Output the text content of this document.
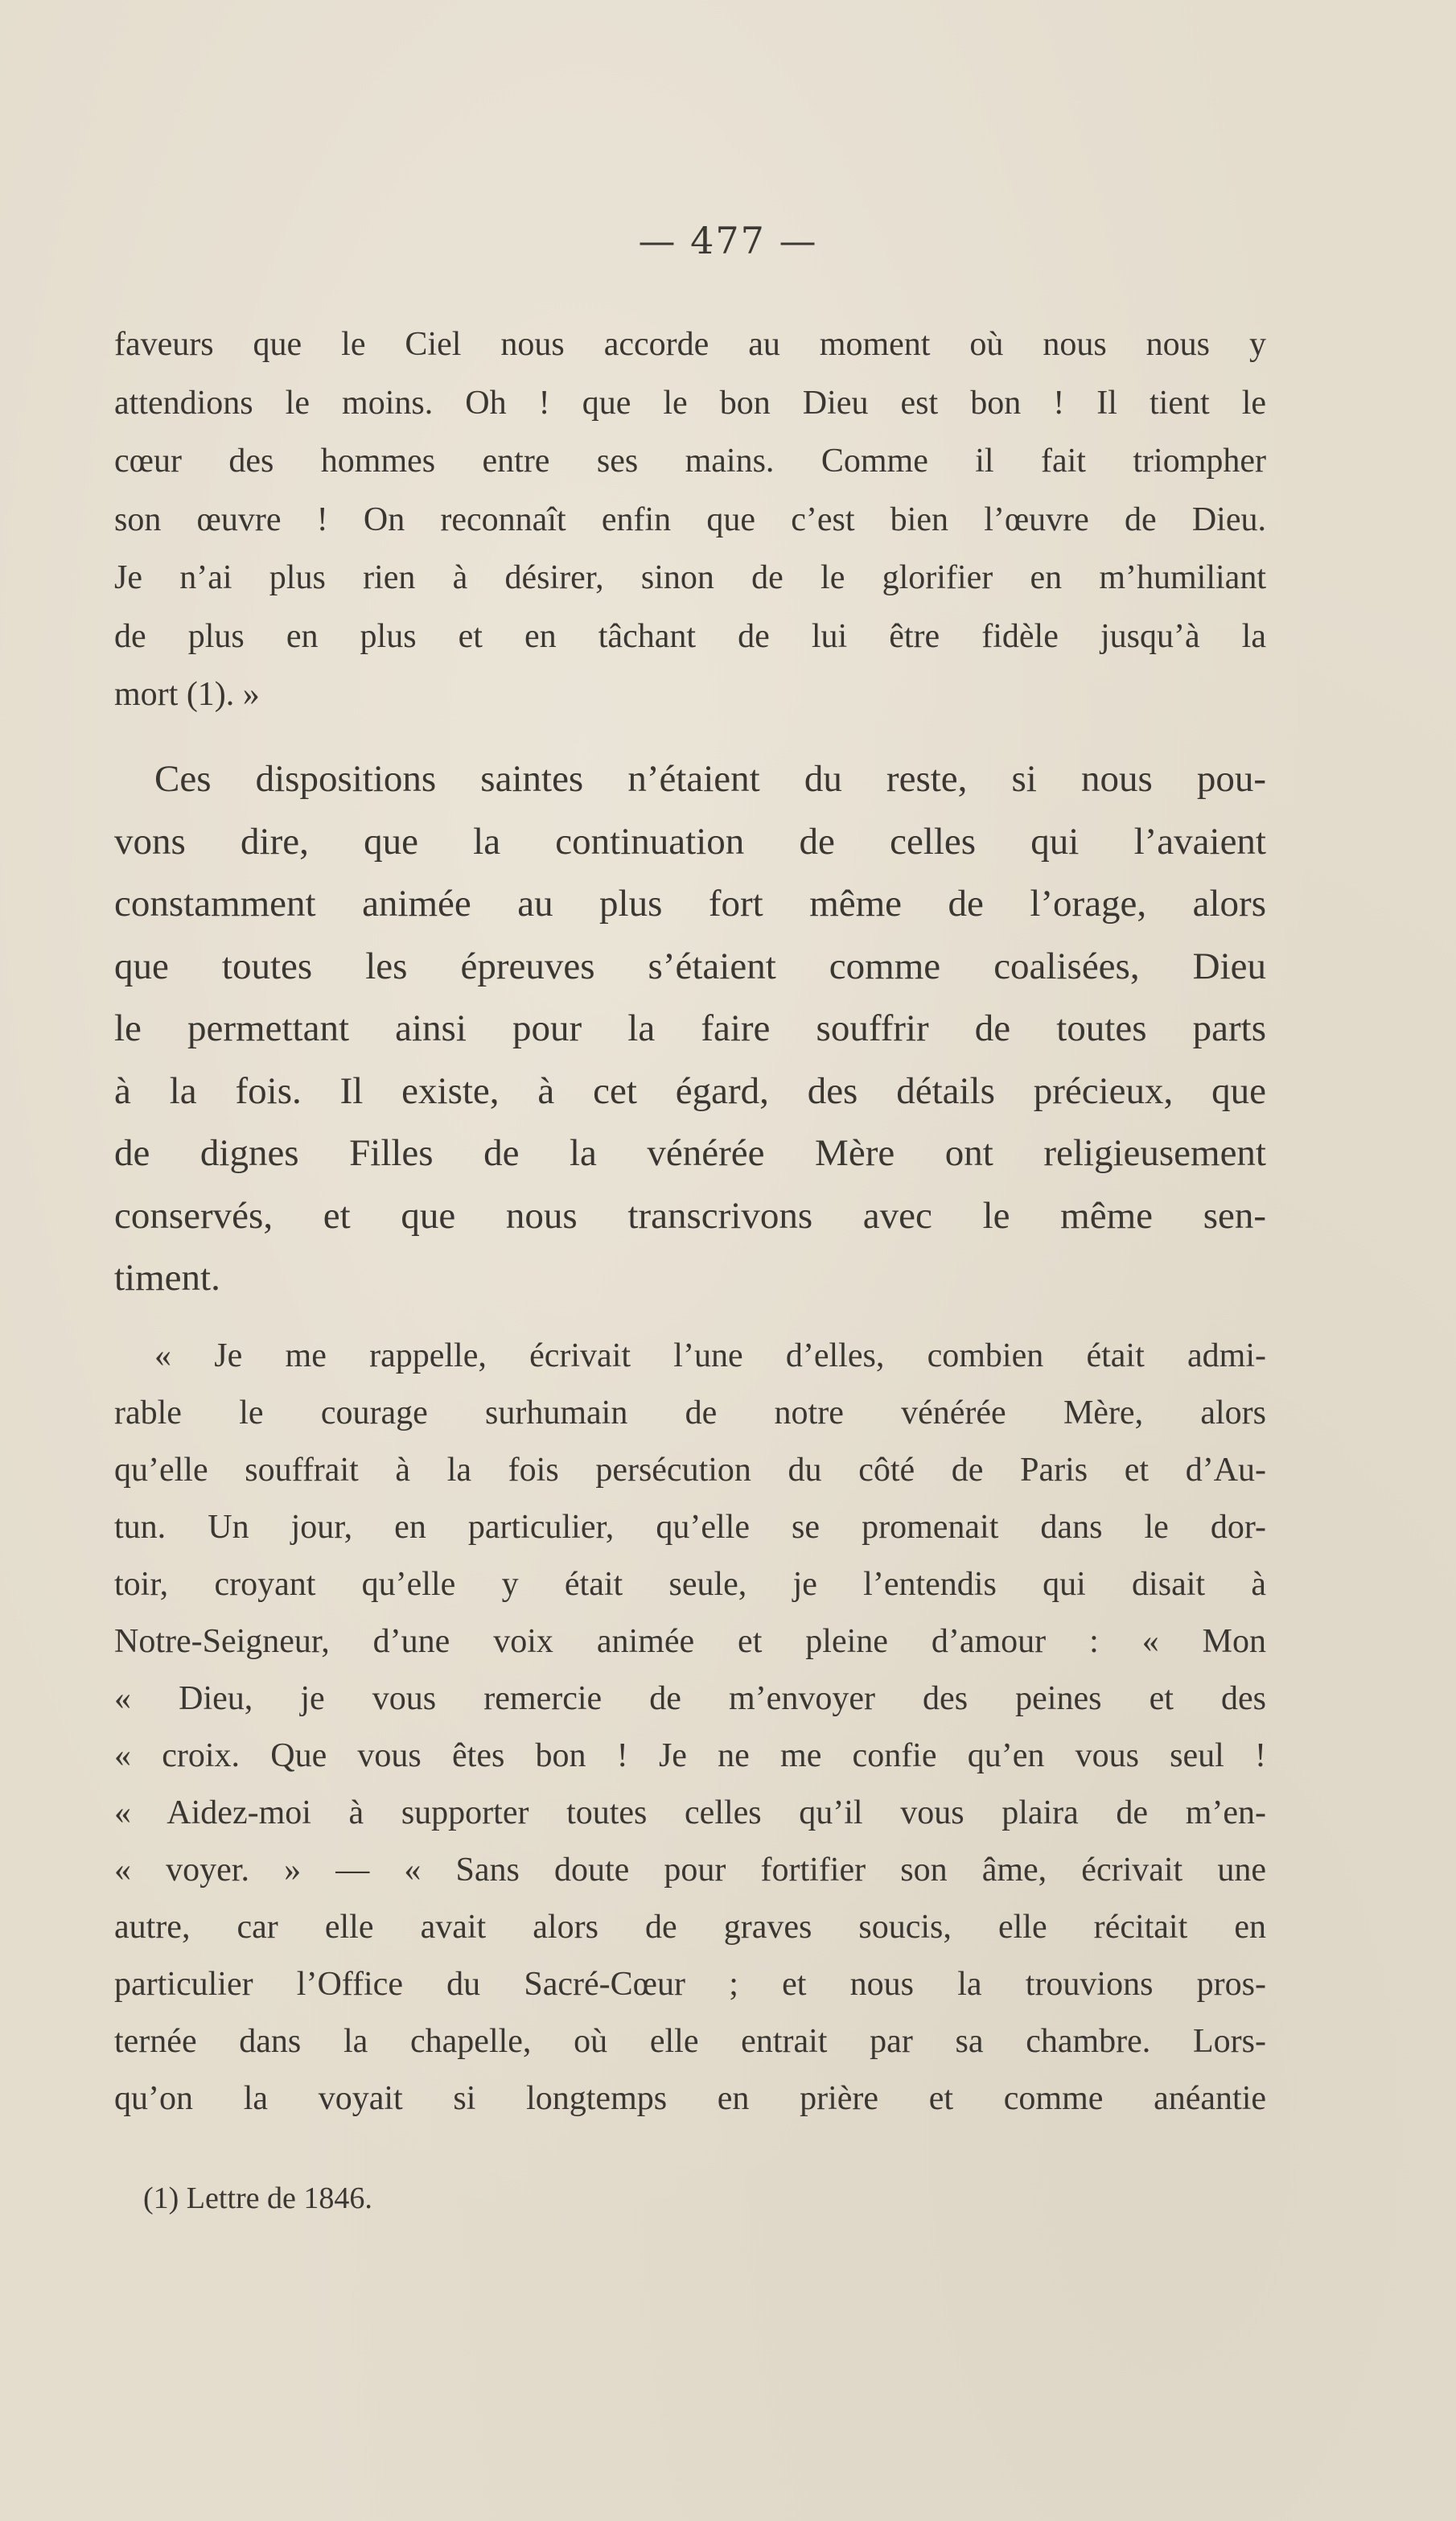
— 477 —
faveurs que le Ciel nous accorde au moment où nous nous y
attendions le moins. Oh ! que le bon Dieu est bon ! Il tient le
cœur des hommes entre ses mains. Comme il fait triompher
son œuvre ! On reconnaît enfin que c’est bien l’œuvre de Dieu.
Je n’ai plus rien à désirer, sinon de le glorifier en m’humiliant
de plus en plus et en tâchant de lui être fidèle jusqu’à la
mort (1). »
Ces dispositions saintes n’étaient du reste, si nous pou-
vons dire, que la continuation de celles qui l’avaient
constamment animée au plus fort même de l’orage, alors
que toutes les épreuves s’étaient comme coalisées, Dieu
le permettant ainsi pour la faire souffrir de toutes parts
à la fois. Il existe, à cet égard, des détails précieux, que
de dignes Filles de la vénérée Mère ont religieusement
conservés, et que nous transcrivons avec le même sen-
timent.
« Je me rappelle, écrivait l’une d’elles, combien était admi-
rable le courage surhumain de notre vénérée Mère, alors
qu’elle souffrait à la fois persécution du côté de Paris et d’Au-
tun. Un jour, en particulier, qu’elle se promenait dans le dor-
toir, croyant qu’elle y était seule, je l’entendis qui disait à
Notre-Seigneur, d’une voix animée et pleine d’amour : « Mon
« Dieu, je vous remercie de m’envoyer des peines et des
« croix. Que vous êtes bon ! Je ne me confie qu’en vous seul !
« Aidez-moi à supporter toutes celles qu’il vous plaira de m’en-
« voyer. » — « Sans doute pour fortifier son âme, écrivait une
autre, car elle avait alors de graves soucis, elle récitait en
particulier l’Office du Sacré-Cœur ; et nous la trouvions pros-
ternée dans la chapelle, où elle entrait par sa chambre. Lors-
qu’on la voyait si longtemps en prière et comme anéantie
(1) Lettre de 1846.
